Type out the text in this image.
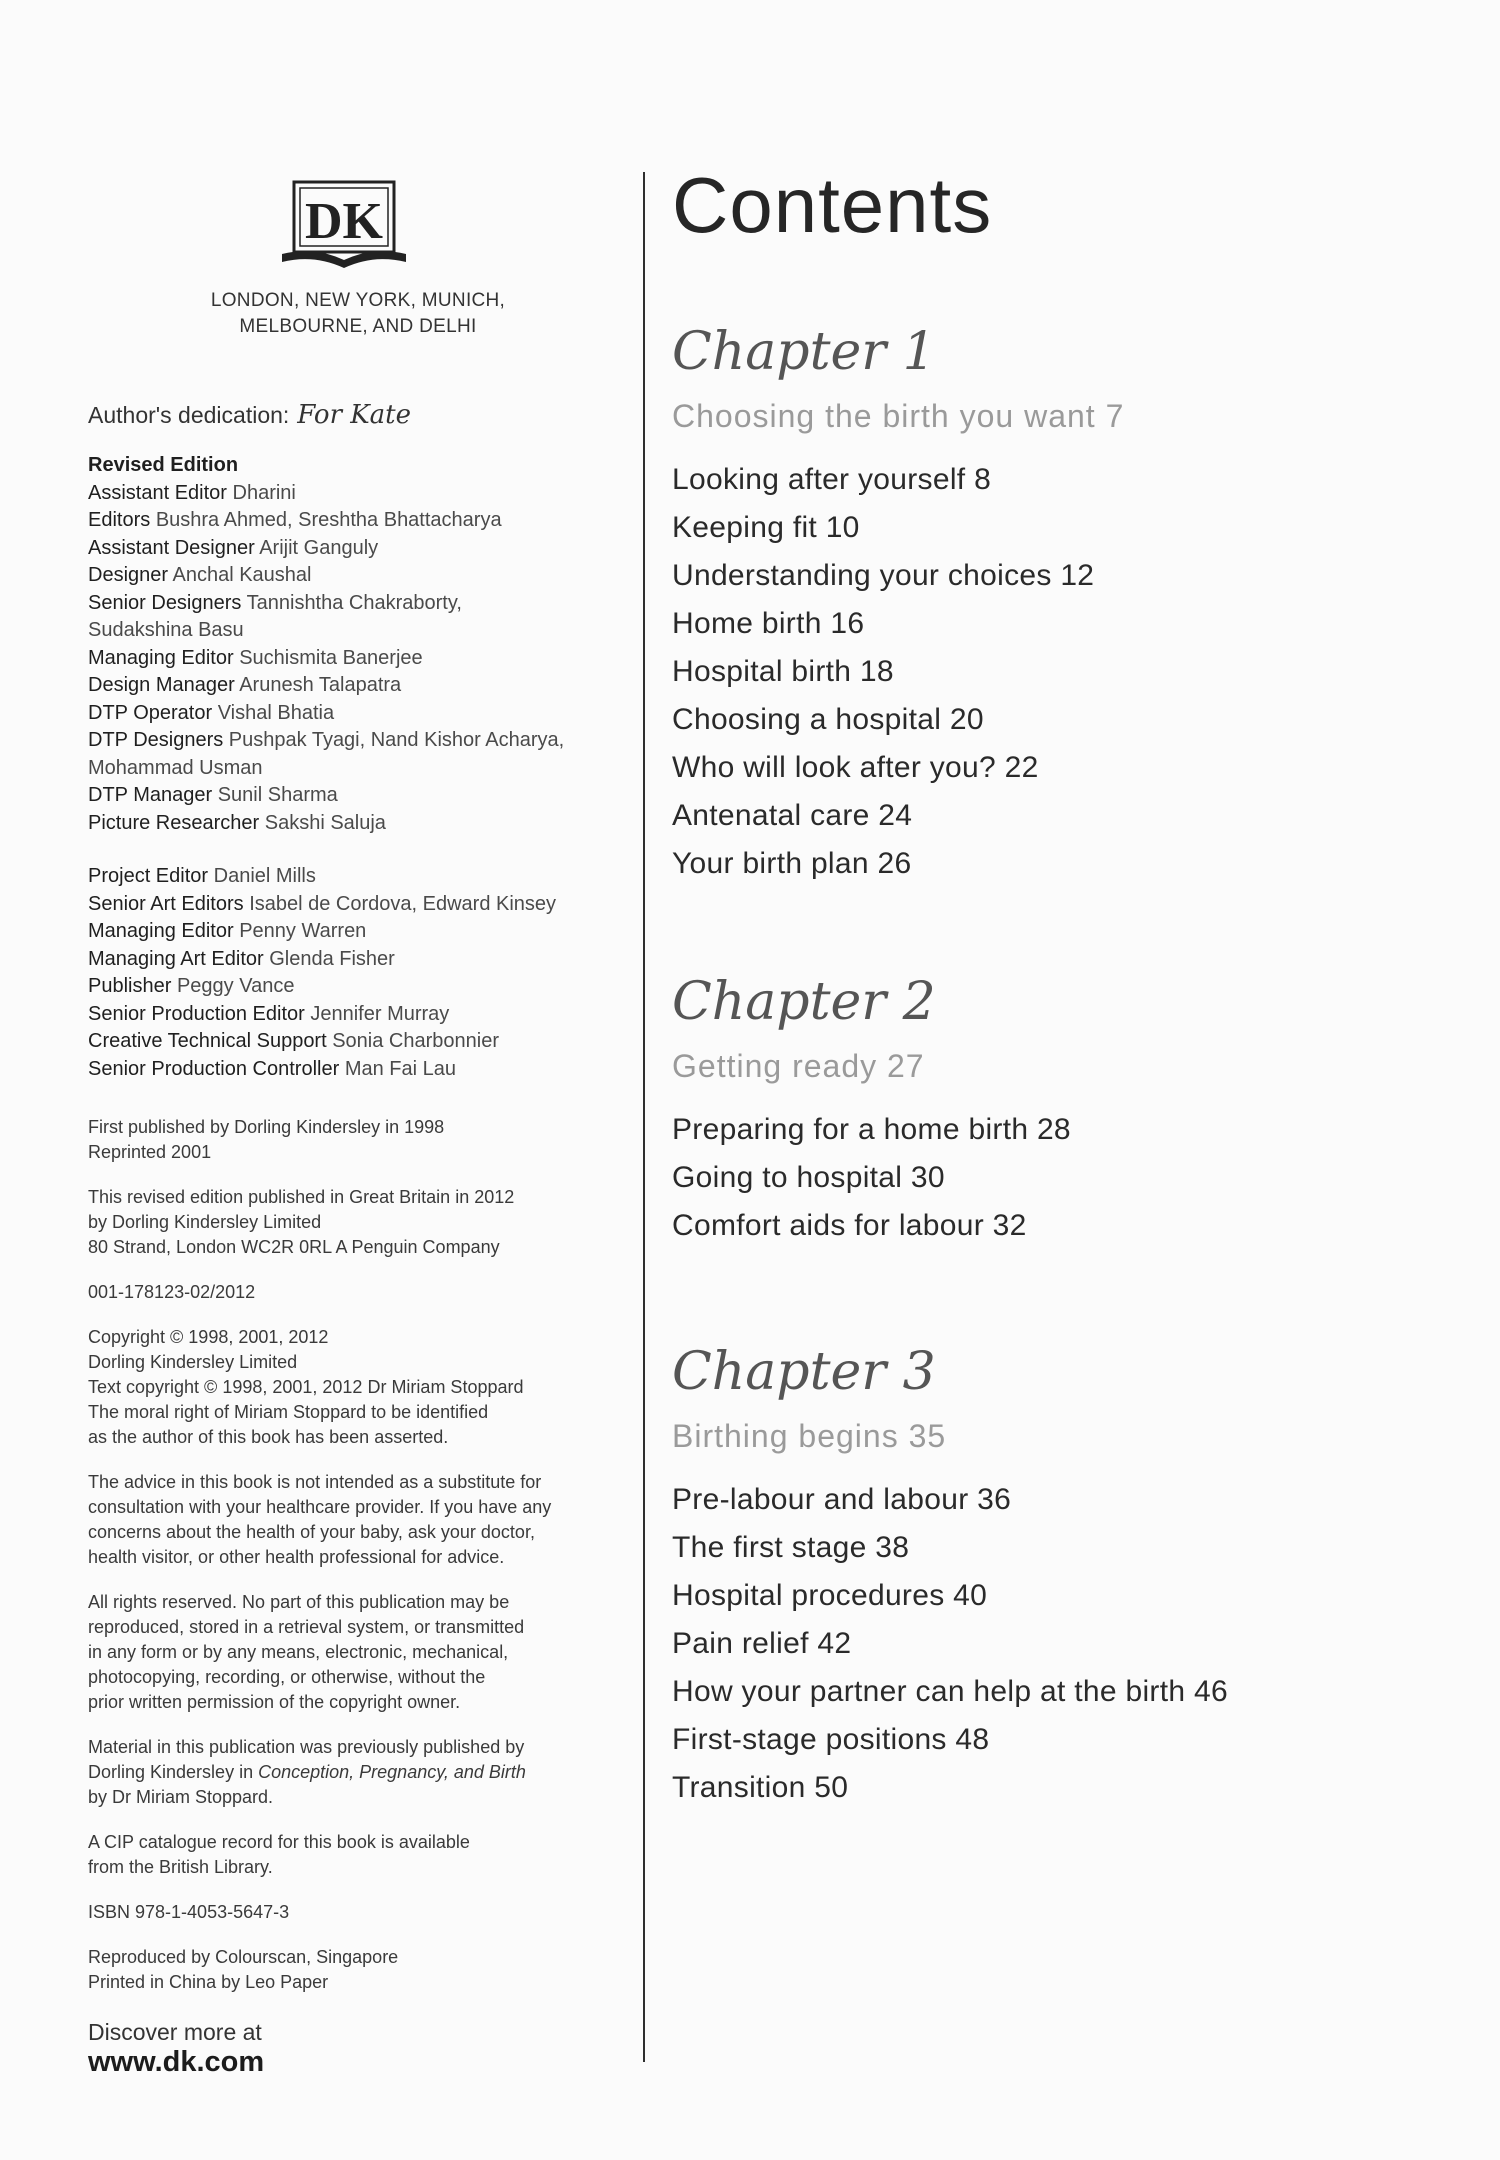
DK
LONDON, NEW YORK, MUNICH,
MELBOURNE, AND DELHI
Author's dedication: For Kate
Revised Edition
Assistant Editor Dharini
Editors Bushra Ahmed, Sreshtha Bhattacharya
Assistant Designer Arijit Ganguly
Designer Anchal Kaushal
Senior Designers Tannishtha Chakraborty,
Sudakshina Basu
Managing Editor Suchismita Banerjee
Design Manager Arunesh Talapatra
DTP Operator Vishal Bhatia
DTP Designers Pushpak Tyagi, Nand Kishor Acharya,
Mohammad Usman
DTP Manager Sunil Sharma
Picture Researcher Sakshi Saluja
Project Editor Daniel Mills
Senior Art Editors Isabel de Cordova, Edward Kinsey
Managing Editor Penny Warren
Managing Art Editor Glenda Fisher
Publisher Peggy Vance
Senior Production Editor Jennifer Murray
Creative Technical Support Sonia Charbonnier
Senior Production Controller Man Fai Lau
First published by Dorling Kindersley in 1998
Reprinted 2001
This revised edition published in Great Britain in 2012
by Dorling Kindersley Limited
80 Strand, London WC2R 0RL A Penguin Company
001-178123-02/2012
Copyright © 1998, 2001, 2012
Dorling Kindersley Limited
Text copyright © 1998, 2001, 2012 Dr Miriam Stoppard
The moral right of Miriam Stoppard to be identified
as the author of this book has been asserted.
The advice in this book is not intended as a substitute for
consultation with your healthcare provider. If you have any
concerns about the health of your baby, ask your doctor,
health visitor, or other health professional for advice.
All rights reserved. No part of this publication may be
reproduced, stored in a retrieval system, or transmitted
in any form or by any means, electronic, mechanical,
photocopying, recording, or otherwise, without the
prior written permission of the copyright owner.
Material in this publication was previously published by
Dorling Kindersley in Conception, Pregnancy, and Birth
by Dr Miriam Stoppard.
A CIP catalogue record for this book is available
from the British Library.
ISBN 978-1-4053-5647-3
Reproduced by Colourscan, Singapore
Printed in China by Leo Paper
Discover more at
www.dk.com
Contents
Chapter 1
Choosing the birth you want 7
Looking after yourself 8
Keeping fit 10
Understanding your choices 12
Home birth 16
Hospital birth 18
Choosing a hospital 20
Who will look after you? 22
Antenatal care 24
Your birth plan 26
Chapter 2
Getting ready 27
Preparing for a home birth 28
Going to hospital 30
Comfort aids for labour 32
Chapter 3
Birthing begins 35
Pre-labour and labour 36
The first stage 38
Hospital procedures 40
Pain relief 42
How your partner can help at the birth 46
First-stage positions 48
Transition 50
